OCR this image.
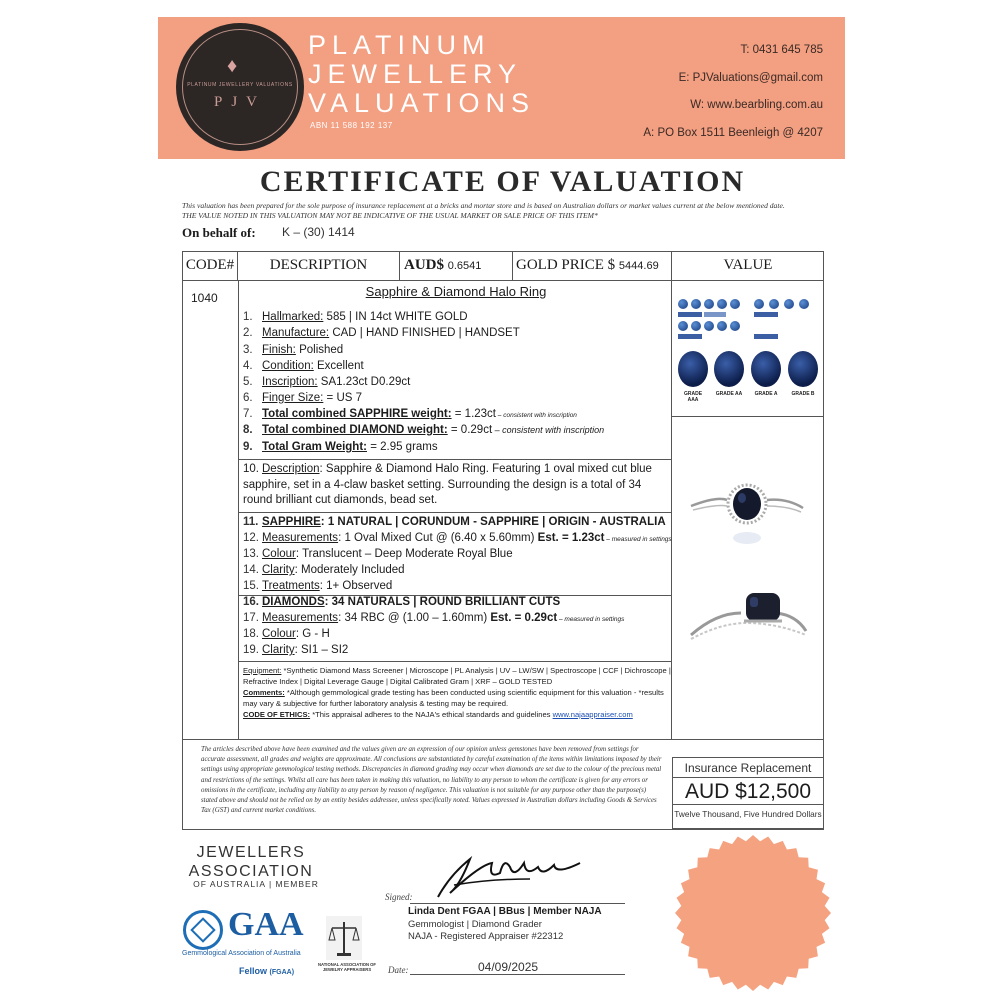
♦
PLATINUM JEWELLERY VALUATIONS
PJV
PLATINUM
JEWELLERY
VALUATIONS
ABN 11 588 192 137
T: 0431 645 785
E: PJValuations@gmail.com
W: www.bearbling.com.au
A: PO Box 1511 Beenleigh @ 4207
CERTIFICATE OF VALUATION
This valuation has been prepared for the sole purpose of insurance replacement at a bricks and mortar store and is based on Australian dollars or market values current at the below mentioned date.
THE VALUE NOTED IN THIS VALUATION MAY NOT BE INDICATIVE OF THE USUAL MARKET OR SALE PRICE OF THIS ITEM*
On behalf of: K – (30) 1414
CODE#	DESCRIPTION	AUD$ 0.6541	GOLD PRICE $ 5444.69	VALUE
1040	Sapphire & Diamond Halo Ring
1. Hallmarked: 585 | IN 14ct WHITE GOLD
2. Manufacture: CAD | HAND FINISHED | HANDSET
3. Finish: Polished
4. Condition: Excellent
5. Inscription: SA1.23ct D0.29ct
6. Finger Size: = US 7
7. Total combined SAPPHIRE weight: = 1.23ct – consistent with inscription
8. Total combined DIAMOND weight: = 0.29ct – consistent with inscription
9. Total Gram Weight: = 2.95 grams
10. Description: Sapphire & Diamond Halo Ring. Featuring 1 oval mixed cut blue sapphire, set in a 4-claw basket setting. Surrounding the design is a total of 34 round brilliant cut diamonds, bead set.
11. SAPPHIRE: 1 NATURAL | CORUNDUM - SAPPHIRE | ORIGIN - AUSTRALIA
12. Measurements: 1 Oval Mixed Cut @ (6.40 x 5.60mm) Est. = 1.23ct – measured in settings
13. Colour: Translucent – Deep Moderate Royal Blue
14. Clarity: Moderately Included
15. Treatments: 1+ Observed
16. DIAMONDS: 34 NATURALS | ROUND BRILLIANT CUTS
17. Measurements: 34 RBC @ (1.00 – 1.60mm) Est. = 0.29ct – measured in settings
18. Colour: G - H
19. Clarity: SI1 – SI2
Equipment: *Synthetic Diamond Mass Screener | Microscope | PL Analysis | UV – LW/SW | Spectroscope | CCF | Dichroscope | Refractive Index | Digital Leverage Gauge | Digital Calibrated Gram | XRF – GOLD TESTED
Comments: *Although gemmological grade testing has been conducted using scientific equipment for this valuation - *results may vary & subjective for further laboratory analysis & testing may be required.
CODE OF ETHICS: *This appraisal adheres to the NAJA's ethical standards and guidelines www.najaappraiser.com
GRADE AAA
GRADE AA	GRADE A	GRADE B
The articles described above have been examined and the values given are an expression of our opinion unless gemstones have been removed from settings for accurate assessment, all grades and weights are approximate. All conclusions are substantiated by careful examination of the items within limitations imposed by their settings using appropriate gemmological testing methods. Discrepancies in diamond grading may occur when diamonds are set due to the colour of the precious metal and restrictions of the settings. Whilst all care has been taken in making this valuation, no liability to any person to whom the certificate is given for any errors or omissions in the certificate, including any liability to any person by reason of negligence. This valuation is not suitable for any purpose other than the purpose(s) stated above and should not be relied on by an entity besides addressee, unless specifically noted. Values expressed in Australian dollars including Goods & Services Tax (GST) and current market conditions.
Insurance Replacement
AUD $12,500
Twelve Thousand, Five Hundred Dollars
JEWELLERS
ASSOCIATION
OF AUSTRALIA | MEMBER
GAA
Gemmological Association of Australia
Fellow (FGAA)
NATIONAL ASSOCIATION OF JEWELRY APPRAISERS
Signed:
Linda Dent FGAA | BBus | Member NAJA
Gemmologist | Diamond Grader
NAJA - Registered Appraiser #22312
Date:	04/09/2025
